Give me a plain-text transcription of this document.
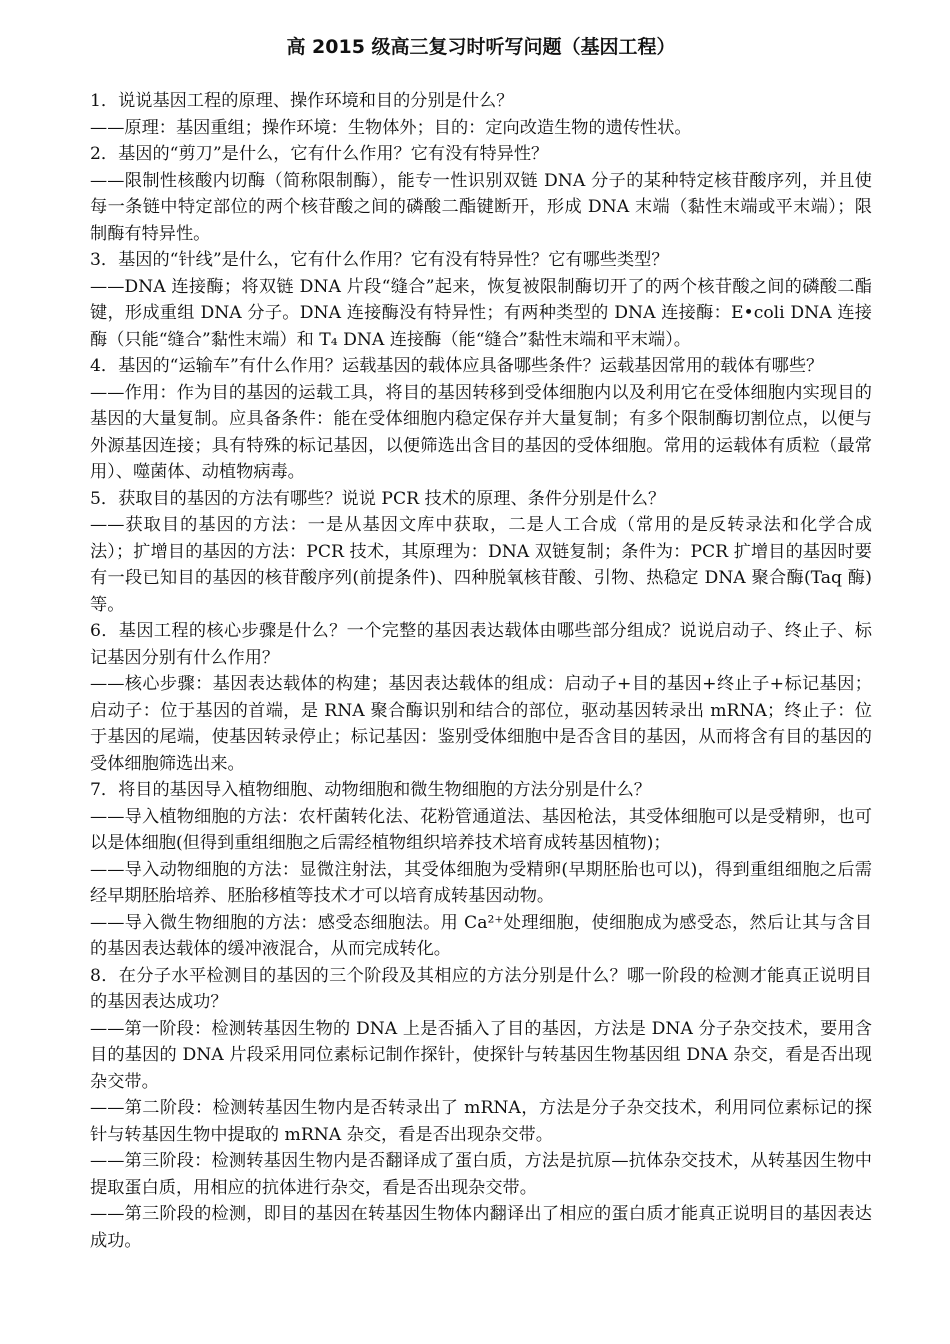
高 2015 级高三复习时听写问题（基因工程）

1．说说基因工程的原理、操作环境和目的分别是什么？

——原理：基因重组；操作环境：生物体外；目的：定向改造生物的遗传性状。

2．基因的“剪刀”是什么，它有什么作用？它有没有特异性？

——限制性核酸内切酶（简称限制酶），能专一性识别双链 DNA 分子的某种特定核苷酸序列，并且使每一条链中特定部位的两个核苷酸之间的磷酸二酯键断开，形成 DNA 末端（黏性末端或平末端）；限制酶有特异性。

3．基因的“针线”是什么，它有什么作用？它有没有特异性？它有哪些类型？

——DNA 连接酶；将双链 DNA 片段“缝合”起来，恢复被限制酶切开了的两个核苷酸之间的磷酸二酯键，形成重组 DNA 分子。DNA 连接酶没有特异性；有两种类型的 DNA 连接酶：E•coli DNA 连接酶（只能“缝合”黏性末端）和 T₄ DNA 连接酶（能“缝合”黏性末端和平末端）。

4．基因的“运输车”有什么作用？运载基因的载体应具备哪些条件？运载基因常用的载体有哪些？

——作用：作为目的基因的运载工具，将目的基因转移到受体细胞内以及利用它在受体细胞内实现目的基因的大量复制。应具备条件：能在受体细胞内稳定保存并大量复制；有多个限制酶切割位点，以便与外源基因连接；具有特殊的标记基因，以便筛选出含目的基因的受体细胞。常用的运载体有质粒（最常用）、噬菌体、动植物病毒。

5．获取目的基因的方法有哪些？说说 PCR 技术的原理、条件分别是什么？

——获取目的基因的方法：一是从基因文库中获取，二是人工合成（常用的是反转录法和化学合成法）；扩增目的基因的方法：PCR 技术，其原理为：DNA 双链复制；条件为：PCR 扩增目的基因时要有一段已知目的基因的核苷酸序列(前提条件)、四种脱氧核苷酸、引物、热稳定 DNA 聚合酶(Taq 酶)等。

6．基因工程的核心步骤是什么？一个完整的基因表达载体由哪些部分组成？说说启动子、终止子、标记基因分别有什么作用？

——核心步骤：基因表达载体的构建；基因表达载体的组成：启动子+目的基因+终止子+标记基因；启动子：位于基因的首端，是 RNA 聚合酶识别和结合的部位，驱动基因转录出 mRNA；终止子：位于基因的尾端，使基因转录停止；标记基因：鉴别受体细胞中是否含目的基因，从而将含有目的基因的受体细胞筛选出来。

7．将目的基因导入植物细胞、动物细胞和微生物细胞的方法分别是什么？

——导入植物细胞的方法：农杆菌转化法、花粉管通道法、基因枪法，其受体细胞可以是受精卵，也可以是体细胞(但得到重组细胞之后需经植物组织培养技术培育成转基因植物)；

——导入动物细胞的方法：显微注射法，其受体细胞为受精卵(早期胚胎也可以)，得到重组细胞之后需经早期胚胎培养、胚胎移植等技术才可以培育成转基因动物。

——导入微生物细胞的方法：感受态细胞法。用 Ca²⁺处理细胞，使细胞成为感受态，然后让其与含目的基因表达载体的缓冲液混合，从而完成转化。

8．在分子水平检测目的基因的三个阶段及其相应的方法分别是什么？哪一阶段的检测才能真正说明目的基因表达成功？

——第一阶段：检测转基因生物的 DNA 上是否插入了目的基因，方法是 DNA 分子杂交技术，要用含目的基因的 DNA 片段采用同位素标记制作探针，使探针与转基因生物基因组 DNA 杂交，看是否出现杂交带。

——第二阶段：检测转基因生物内是否转录出了 mRNA，方法是分子杂交技术，利用同位素标记的探针与转基因生物中提取的 mRNA 杂交，看是否出现杂交带。

——第三阶段：检测转基因生物内是否翻译成了蛋白质，方法是抗原—抗体杂交技术，从转基因生物中提取蛋白质，用相应的抗体进行杂交，看是否出现杂交带。

——第三阶段的检测，即目的基因在转基因生物体内翻译出了相应的蛋白质才能真正说明目的基因表达成功。
